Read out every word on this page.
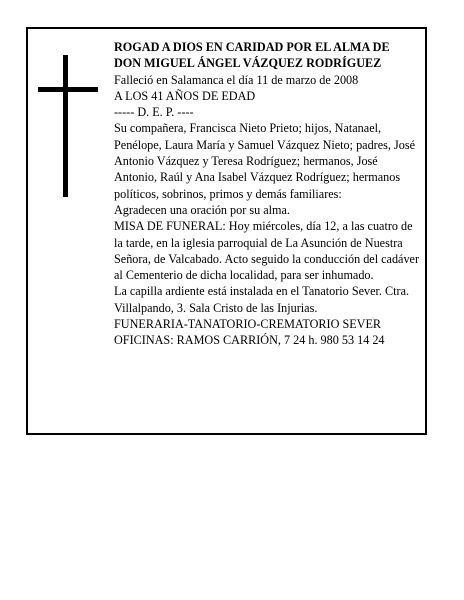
ROGAD A DIOS EN CARIDAD POR EL ALMA DE

DON MIGUEL ÁNGEL VÁZQUEZ RODRÍGUEZ

Falleció en Salamanca el día 11 de marzo de 2008

A LOS 41 AÑOS DE EDAD

----- D. E. P. ----

Su compañera, Francisca Nieto Prieto; hijos, Natanael, Penélope, Laura María y Samuel Vázquez Nieto; padres, José Antonio Vázquez y Teresa Rodríguez; hermanos, José Antonio, Raúl y Ana Isabel Vázquez Rodríguez; hermanos políticos, sobrinos, primos y demás familiares:

Agradecen una oración por su alma.

MISA DE FUNERAL: Hoy miércoles, día 12, a las cuatro de la tarde, en la iglesia parroquial de La Asunción de Nuestra Señora, de Valcabado. Acto seguido la conducción del cadáver al Cementerio de dicha localidad, para ser inhumado.

La capilla ardiente está instalada en el Tanatorio Sever. Ctra. Villalpando, 3. Sala Cristo de las Injurias.

FUNERARIA-TANATORIO-CREMATORIO SEVER

OFICINAS: RAMOS CARRIÓN, 7 24 h. 980 53 14 24
